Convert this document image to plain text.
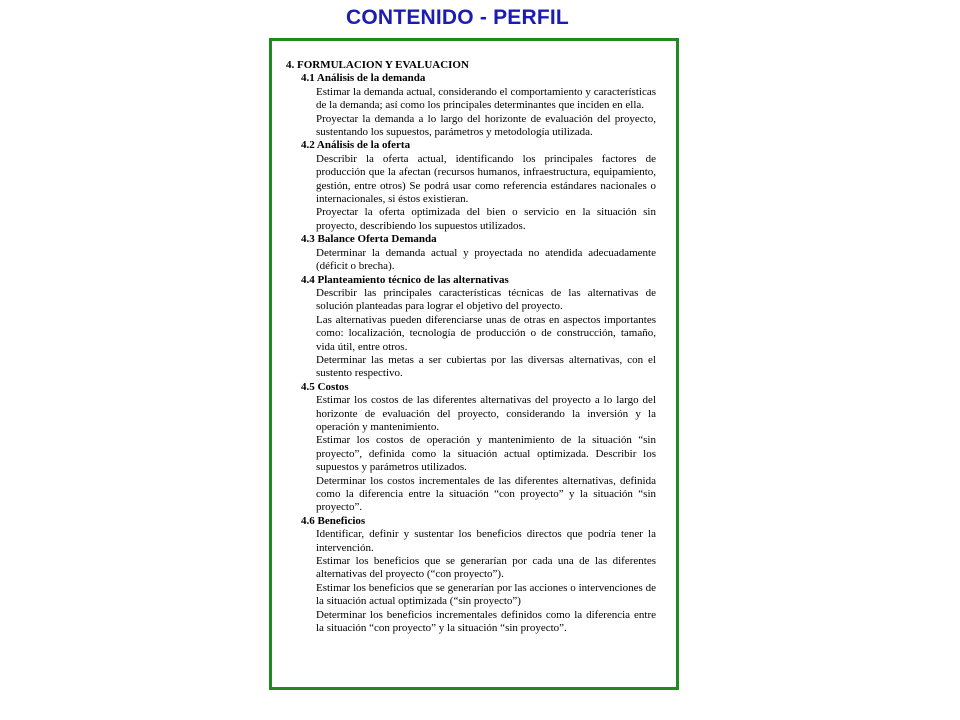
CONTENIDO - PERFIL

4. FORMULACION Y EVALUACION

4.1 Análisis de la demanda

Estimar la demanda actual, considerando el comportamiento y características de la demanda; así como los principales determinantes que inciden en ella.

Proyectar la demanda a lo largo del horizonte de evaluación del proyecto, sustentando los supuestos, parámetros y metodología utilizada.

4.2 Análisis de la oferta

Describir la oferta actual, identificando los principales factores de producción que la afectan (recursos humanos, infraestructura, equipamiento, gestión, entre otros) Se podrá usar como referencia estándares nacionales o internacionales, si éstos existieran.

Proyectar la oferta optimizada del bien o servicio en la situación sin proyecto, describiendo los supuestos utilizados.

4.3 Balance Oferta Demanda

Determinar la demanda actual y proyectada no atendida adecuadamente (déficit o brecha).

4.4 Planteamiento técnico de las alternativas

Describir las principales características técnicas de las alternativas de solución planteadas para lograr el objetivo del proyecto.

Las alternativas pueden diferenciarse unas de otras en aspectos importantes como: localización, tecnología de producción o de construcción, tamaño, vida útil, entre otros.

Determinar las metas a ser cubiertas por las diversas alternativas, con el sustento respectivo.

4.5 Costos

Estimar los costos de las diferentes alternativas del proyecto a lo largo del horizonte de evaluación del proyecto, considerando la inversión y la operación y mantenimiento.

Estimar los costos de operación y mantenimiento de la situación “sin proyecto”, definida como la situación actual optimizada. Describir los supuestos y parámetros utilizados.

Determinar los costos incrementales de las diferentes alternativas, definida como la diferencia entre la situación “con proyecto” y la situación “sin proyecto”.

4.6 Beneficios

Identificar, definir y sustentar los beneficios directos que podría tener la intervención.

Estimar los beneficios que se generarían por cada una de las diferentes alternativas del proyecto (“con proyecto”).

Estimar los beneficios que se generarían por las acciones o intervenciones de la situación actual optimizada (“sin proyecto”)

Determinar los beneficios incrementales definidos como la diferencia entre la situación “con proyecto” y la situación “sin proyecto”.
